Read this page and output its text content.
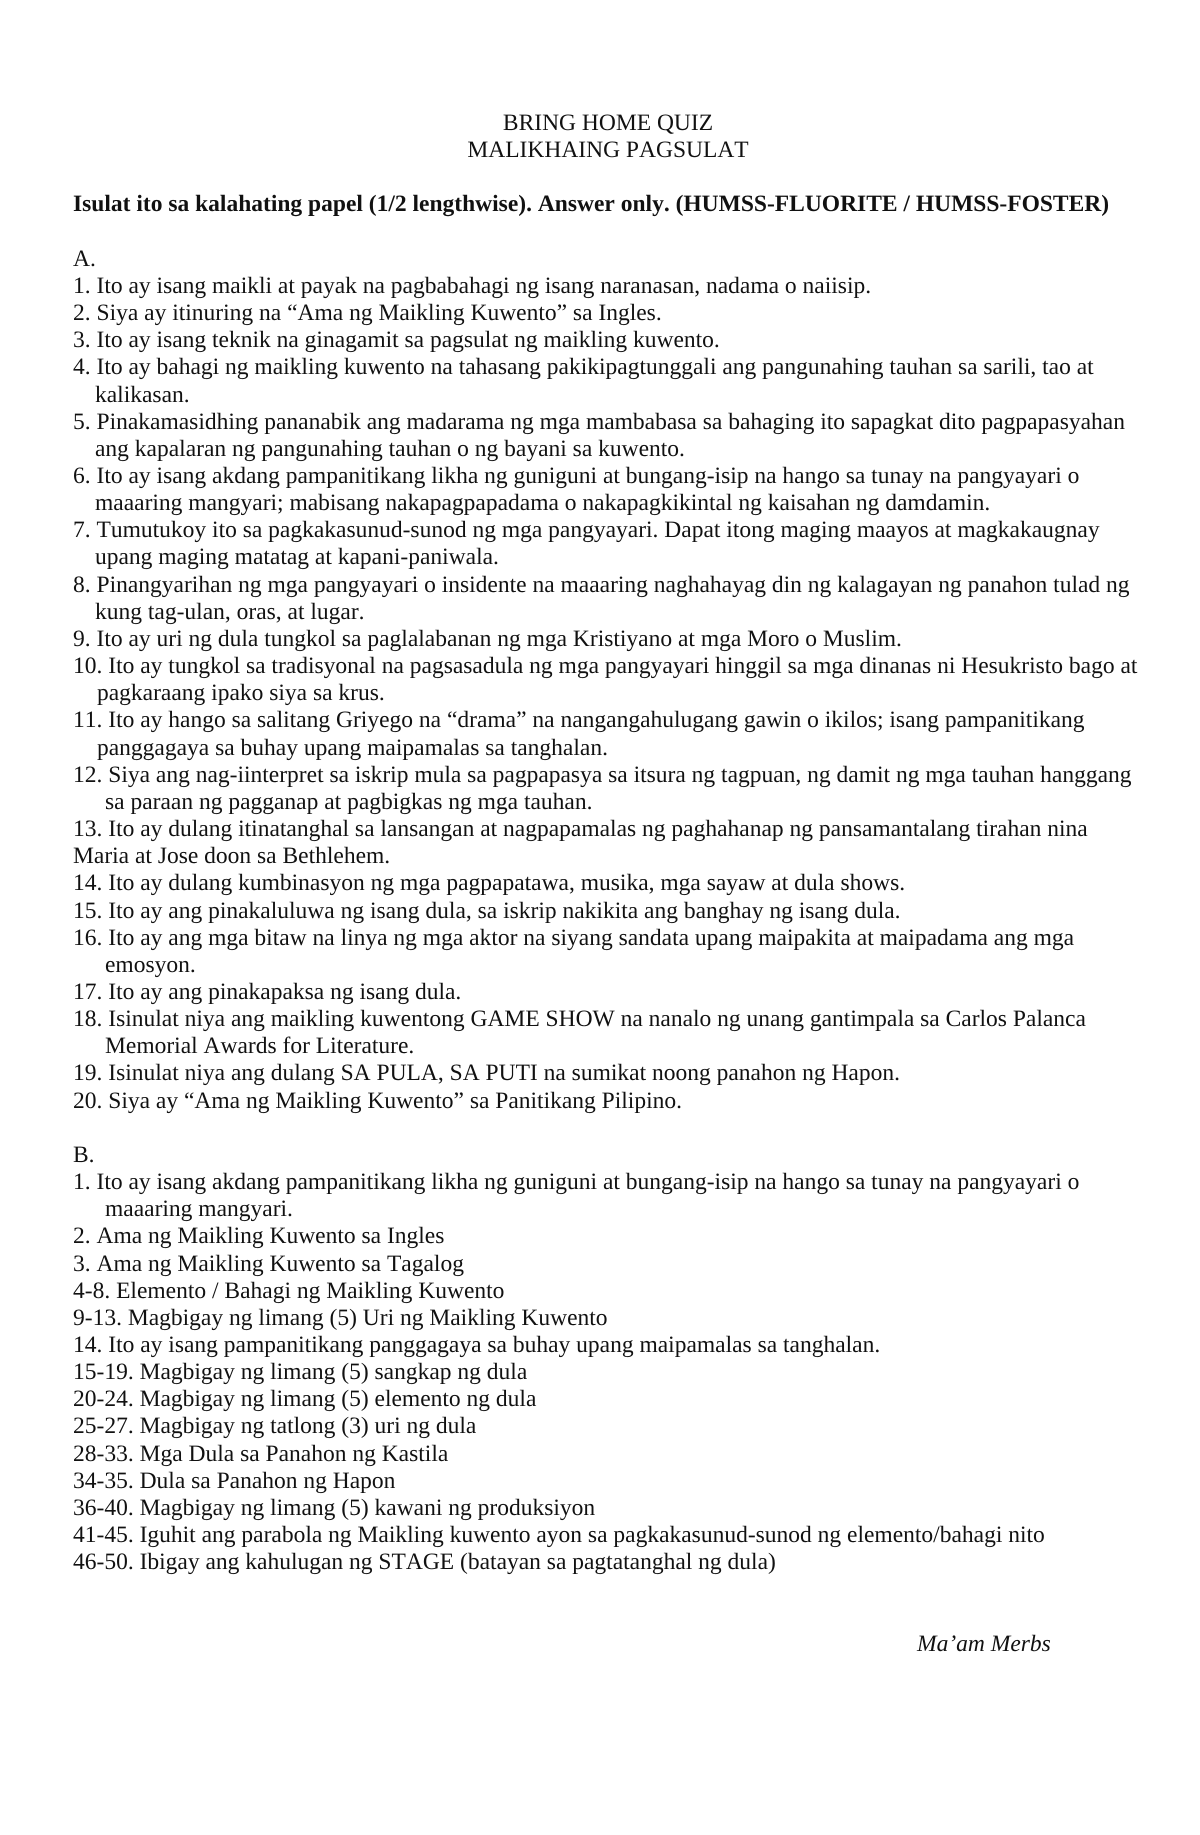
BRING HOME QUIZ
MALIKHAING PAGSULAT
Isulat ito sa kalahating papel (1/2 lengthwise). Answer only. (HUMSS-FLUORITE / HUMSS-FOSTER)
A.
1. Ito ay isang maikli at payak na pagbabahagi ng isang naranasan, nadama o naiisip.
2. Siya ay itinuring na “Ama ng Maikling Kuwento” sa Ingles.
3. Ito ay isang teknik na ginagamit sa pagsulat ng maikling kuwento.
4. Ito ay bahagi ng maikling kuwento na tahasang pakikipagtunggali ang pangunahing tauhan sa sarili, tao at kalikasan.
5. Pinakamasidhing pananabik ang madarama ng mga mambabasa sa bahaging ito sapagkat dito pagpapasyahan ang kapalaran ng pangunahing tauhan o ng bayani sa kuwento.
6. Ito ay isang akdang pampanitikang likha ng guniguni at bungang-isip na hango sa tunay na pangyayari o maaaring mangyari; mabisang nakapagpapadama o nakapagkikintal ng kaisahan ng damdamin.
7. Tumutukoy ito sa pagkakasunud-sunod ng mga pangyayari. Dapat itong maging maayos at magkakaugnay upang maging matatag at kapani-paniwala.
8. Pinangyarihan ng mga pangyayari o insidente na maaaring naghahayag din ng kalagayan ng panahon tulad ng kung tag-ulan, oras, at lugar.
9. Ito ay uri ng dula tungkol sa paglalabanan ng mga Kristiyano at mga Moro o Muslim.
10. Ito ay tungkol sa tradisyonal na pagsasadula ng mga pangyayari hinggil sa mga dinanas ni Hesukristo bago at pagkaraang ipako siya sa krus.
11. Ito ay hango sa salitang Griyego na “drama” na nangangahulugang gawin o ikilos; isang pampanitikang panggagaya sa buhay upang maipamalas sa tanghalan.
12. Siya ang nag-iinterpret sa iskrip mula sa pagpapasya sa itsura ng tagpuan, ng damit ng mga tauhan hanggang sa paraan ng pagganap at pagbigkas ng mga tauhan.
13. Ito ay dulang itinatanghal sa lansangan at nagpapamalas ng paghahanap ng pansamantalang tirahan nina Maria at Jose doon sa Bethlehem.
14. Ito ay dulang kumbinasyon ng mga pagpapatawa, musika, mga sayaw at dula shows.
15. Ito ay ang pinakaluluwa ng isang dula, sa iskrip nakikita ang banghay ng isang dula.
16. Ito ay ang mga bitaw na linya ng mga aktor na siyang sandata upang maipakita at maipadama ang mga emosyon.
17. Ito ay ang pinakapaksa ng isang dula.
18. Isinulat niya ang maikling kuwentong GAME SHOW na nanalo ng unang gantimpala sa Carlos Palanca Memorial Awards for Literature.
19. Isinulat niya ang dulang SA PULA, SA PUTI na sumikat noong panahon ng Hapon.
20. Siya ay “Ama ng Maikling Kuwento” sa Panitikang Pilipino.
B.
1. Ito ay isang akdang pampanitikang likha ng guniguni at bungang-isip na hango sa tunay na pangyayari o maaaring mangyari.
2. Ama ng Maikling Kuwento sa Ingles
3. Ama ng Maikling Kuwento sa Tagalog
4-8. Elemento / Bahagi ng Maikling Kuwento
9-13. Magbigay ng limang (5) Uri ng Maikling Kuwento
14. Ito ay isang pampanitikang panggagaya sa buhay upang maipamalas sa tanghalan.
15-19. Magbigay ng limang (5) sangkap ng dula
20-24. Magbigay ng limang (5) elemento ng dula
25-27. Magbigay ng tatlong (3) uri ng dula
28-33. Mga Dula sa Panahon ng Kastila
34-35. Dula sa Panahon ng Hapon
36-40. Magbigay ng limang (5) kawani ng produksiyon
41-45. Iguhit ang parabola ng Maikling kuwento ayon sa pagkakasunud-sunod ng elemento/bahagi nito
46-50. Ibigay ang kahulugan ng STAGE (batayan sa pagtatanghal ng dula)
Ma’am Merbs
